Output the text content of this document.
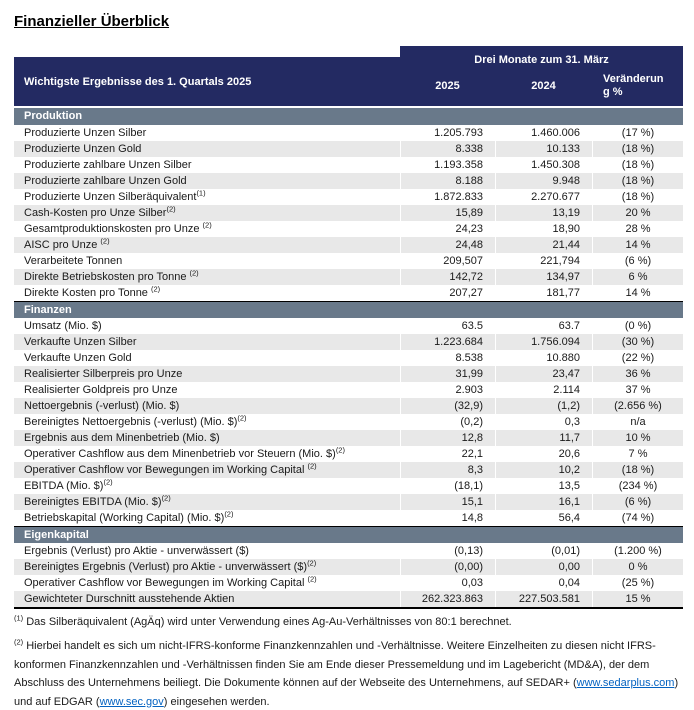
Finanzieller Überblick
Wichtigste Ergebnisse des 1. Quartals 2025
Drei Monate zum 31. März
2025	2024
Veränderung %
Produktion
Produzierte Unzen Silber	1.205.793	1.460.006	(17 %)
Produzierte Unzen Gold	8.338	10.133	(18 %)
Produzierte zahlbare Unzen Silber	1.193.358	1.450.308	(18 %)
Produzierte zahlbare Unzen Gold	8.188	9.948	(18 %)
Produzierte Unzen Silberäquivalent$^{(1)}$	1.872.833	2.270.677	(18 %)
Cash-Kosten pro Unze Silber$^{(2)}$	15,89	13,19	20 %
Gesamtproduktionskosten pro Unze $^{(2)}$	24,23	18,90	28 %
AISC pro Unze $^{(2)}$	24,48	21,44	14 %
Verarbeitete Tonnen	209,507	221,794	(6 %)
Direkte Betriebskosten pro Tonne $^{(2)}$	142,72	134,97	6 %
Direkte Kosten pro Tonne $^{(2)}$	207,27	181,77	14 %
Finanzen
Umsatz (Mio. $)	63.5	63.7	(0 %)
Verkaufte Unzen Silber	1.223.684	1.756.094	(30 %)
Verkaufte Unzen Gold	8.538	10.880	(22 %)
Realisierter Silberpreis pro Unze	31,99	23,47	36 %
Realisierter Goldpreis pro Unze	2.903	2.114	37 %
Nettoergebnis (-verlust) (Mio. $)	(32,9)	(1,2)	(2.656 %)
Bereinigtes Nettoergebnis (-verlust) (Mio. $)$^{(2)}$	(0,2)	0,3	n/a
Ergebnis aus dem Minenbetrieb (Mio. $)	12,8	11,7	10 %
Operativer Cashflow aus dem Minenbetrieb vor Steuern (Mio. $)$^{(2)}$	22,1	20,6	7 %
Operativer Cashflow vor Bewegungen im Working Capital $^{(2)}$	8,3	10,2	(18 %)
EBITDA (Mio. $)$^{(2)}$	(18,1)	13,5	(234 %)
Bereinigtes EBITDA (Mio. $)$^{(2)}$	15,1	16,1	(6 %)
Betriebskapital (Working Capital) (Mio. $)$^{(2)}$	14,8	56,4	(74 %)
Eigenkapital
Ergebnis (Verlust) pro Aktie - unverwässert ($)	(0,13)	(0,01)	(1.200 %)
Bereinigtes Ergebnis (Verlust) pro Aktie - unverwässert ($)$^{(2)}$	(0,00)	0,00	0 %
Operativer Cashflow vor Bewegungen im Working Capital $^{(2)}$	0,03	0,04	(25 %)
Gewichteter Durschnitt ausstehende Aktien	262.323.863	227.503.581	15 %
$^{(1)}$ Das Silberäquivalent (AgÄq) wird unter Verwendung eines Ag-Au-Verhältnisses von 80:1 berechnet.
$^{(2)}$ Hierbei handelt es sich um nicht-IFRS-konforme Finanzkennzahlen und -Verhältnisse. Weitere Einzelheiten zu diesen nicht IFRS-konformen Finanzkennzahlen und -Verhältnissen finden Sie am Ende dieser Pressemeldung und im Lagebericht (MD&A), der dem Abschluss des Unternehmens beiliegt. Die Dokumente können auf der Webseite des Unternehmens, auf SEDAR+ (www.sedarplus.com) und auf EDGAR (www.sec.gov) eingesehen werden.
